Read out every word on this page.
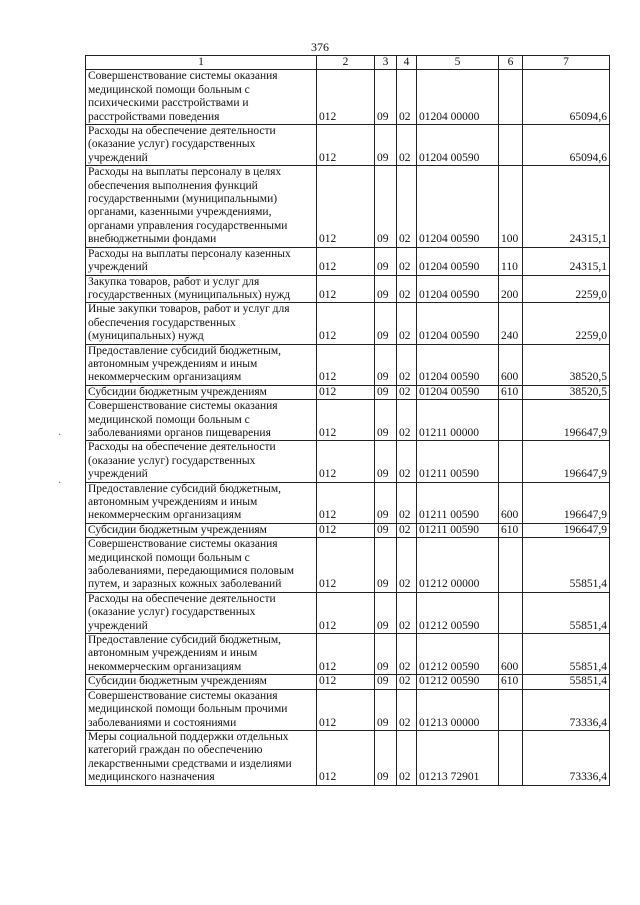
376
1	2	3	4	5	6	7
Совершенствование системы оказания медицинской помощи больным с психическими расстройствами и расстройствами поведения	012	09	02	01204 00000		65094,6
Расходы на обеспечение деятельности (оказание услуг) государственных учреждений	012	09	02	01204 00590		65094,6
Расходы на выплаты персоналу в целях обеспечения выполнения функций государственными (муниципальными) органами, казенными учреждениями, органами управления государственными внебюджетными фондами	012	09	02	01204 00590	100	24315,1
Расходы на выплаты персоналу казенных учреждений	012	09	02	01204 00590	110	24315,1
Закупка товаров, работ и услуг для государственных (муниципальных) нужд	012	09	02	01204 00590	200	2259,0
Иные закупки товаров, работ и услуг для обеспечения государственных (муниципальных) нужд	012	09	02	01204 00590	240	2259,0
Предоставление субсидий бюджетным, автономным учреждениям и иным некоммерческим организациям	012	09	02	01204 00590	600	38520,5
Субсидии бюджетным учреждениям	012	09	02	01204 00590	610	38520,5
Совершенствование системы оказания медицинской помощи больным с заболеваниями органов пищеварения	012	09	02	01211 00000		196647,9
Расходы на обеспечение деятельности (оказание услуг) государственных учреждений	012	09	02	01211 00590		196647,9
Предоставление субсидий бюджетным, автономным учреждениям и иным некоммерческим организациям	012	09	02	01211 00590	600	196647,9
Субсидии бюджетным учреждениям	012	09	02	01211 00590	610	196647,9
Совершенствование системы оказания медицинской помощи больным с заболеваниями, передающимися половым путем, и заразных кожных заболеваний	012	09	02	01212 00000		55851,4
Расходы на обеспечение деятельности (оказание услуг) государственных учреждений	012	09	02	01212 00590		55851,4
Предоставление субсидий бюджетным, автономным учреждениям и иным некоммерческим организациям	012	09	02	01212 00590	600	55851,4
Субсидии бюджетным учреждениям	012	09	02	01212 00590	610	55851,4
Совершенствование системы оказания медицинской помощи больным прочими заболеваниями и состояниями	012	09	02	01213 00000		73336,4
Меры социальной поддержки отдельных категорий граждан по обеспечению лекарственными средствами и изделиями медицинского назначения	012	09	02	01213 72901		73336,4
·

·
